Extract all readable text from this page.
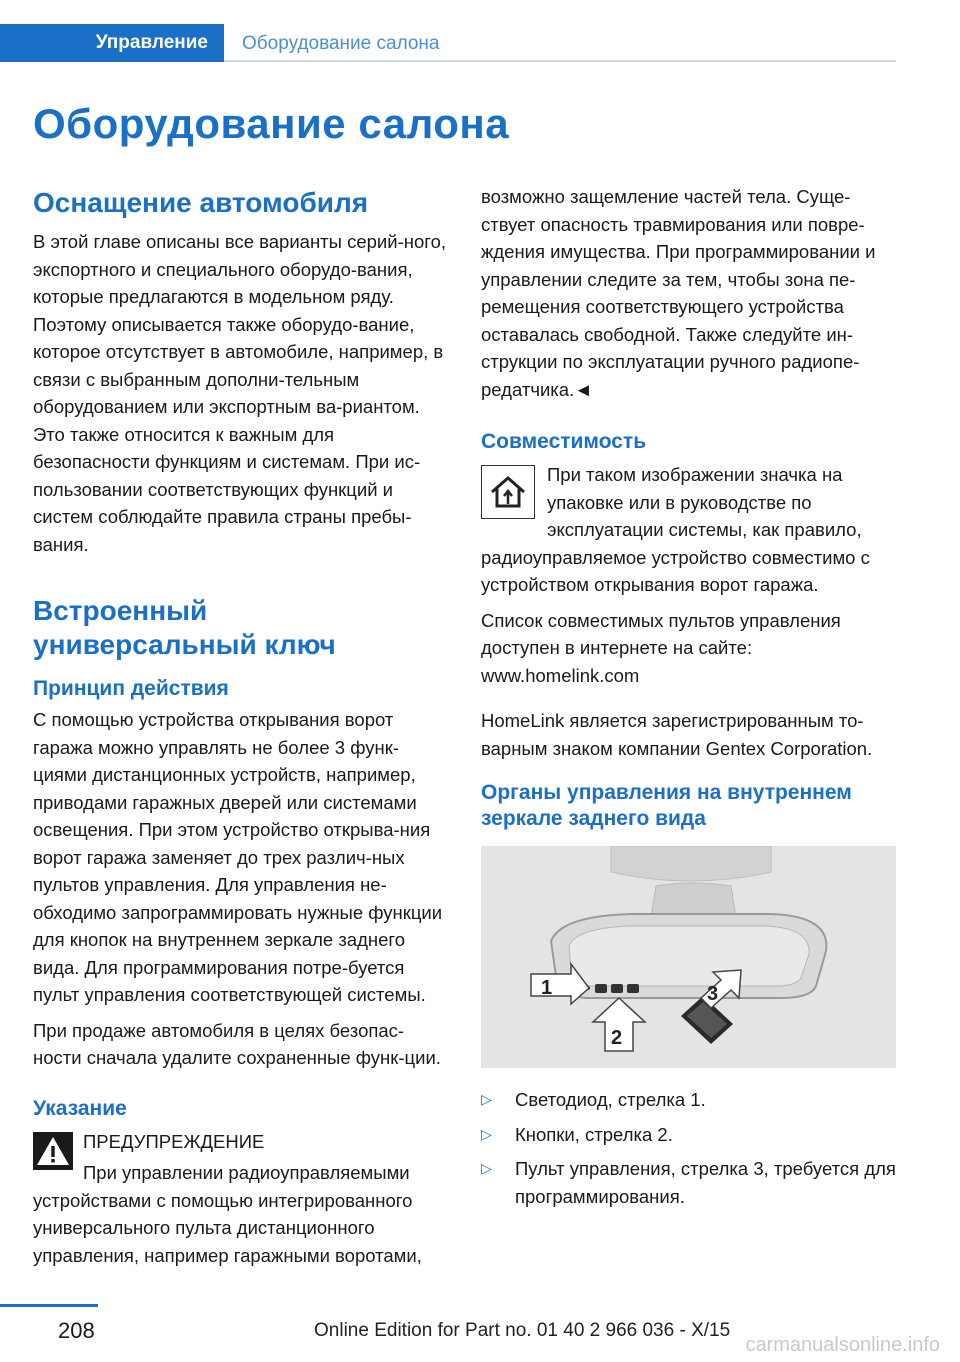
Управление Оборудование салона
Оборудование салона
Оснащение автомобиля

В этой главе описаны все варианты серий-ного, экспортного и специального оборудо-вания, которые предлагаются в модельном ряду. Поэтому описывается также оборудо-вание, которое отсутствует в автомобиле, например, в связи с выбранным дополни-тельным оборудованием или экспортным ва-риантом. Это также относится к важным для безопасности функциям и системам. При ис-пользовании соответствующих функций и систем соблюдайте правила страны пребы-вания.

Встроенный универсальный ключ
Принцип действия

С помощью устройства открывания ворот гаража можно управлять не более 3 функ-циями дистанционных устройств, например, приводами гаражных дверей или системами освещения. При этом устройство открыва-ния ворот гаража заменяет до трех различ-ных пультов управления. Для управления не-обходимо запрограммировать нужные функции для кнопок на внутреннем зеркале заднего вида. Для программирования потре-буется пульт управления соответствующей системы.

При продаже автомобиля в целях безопас-ности сначала удалите сохраненные функ-ции.

Указание

ПРЕДУПРЕЖДЕНИЕ

При управлении радиоуправляемыми устройствами с помощью интегрированного универсального пульта дистанционного управления, например гаражными воротами,

возможно защемление частей тела. Суще-ствует опасность травмирования или повре-ждения имущества. При программировании и управлении следите за тем, чтобы зона пе-ремещения соответствующего устройства оставалась свободной. Также следуйте ин-струкции по эксплуатации ручного радиопе-редатчика.◄

Совместимость

При таком изображении значка на упаковке или в руководстве по эксплуатации системы, как правило, радиоуправляемое устройство совместимо с устройством открывания ворот гаража.

Список совместимых пультов управления доступен в интернете на сайте: www.homelink.com

HomeLink является зарегистрированным то-варным знаком компании Gentex Corporation.

Органы управления на внутреннем зеркале заднего вида
1
2
3
▷ Светодиод, стрелка 1.
▷ Кнопки, стрелка 2.
▷ Пульт управления, стрелка 3, требуется для программирования.
208	Online Edition for Part no. 01 40 2 966 036 - X/15
carmanualsonline.info
